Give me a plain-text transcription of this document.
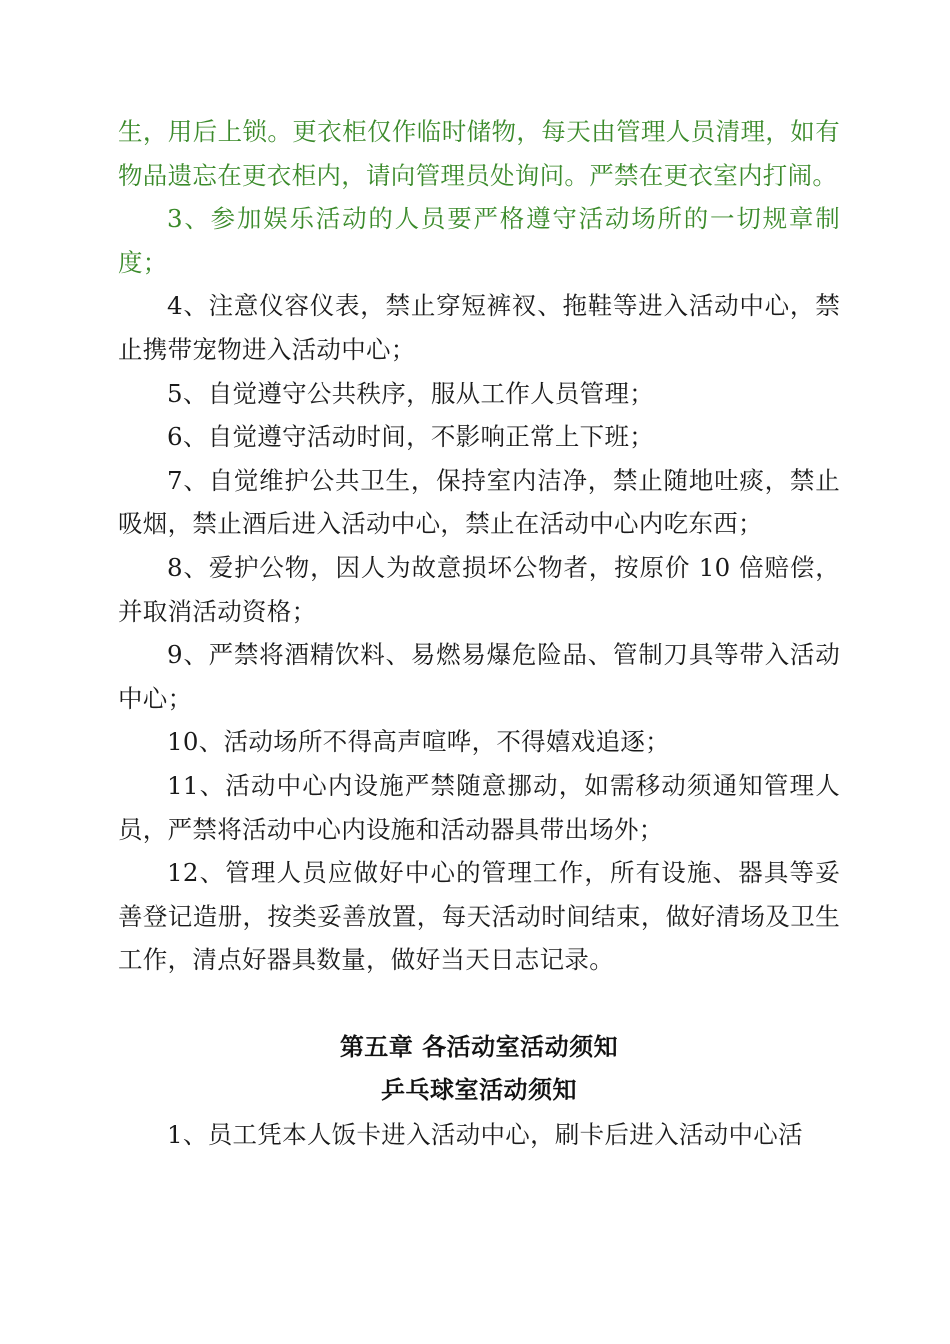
生，用后上锁。更衣柜仅作临时储物，每天由管理人员清理，如有物品遗忘在更衣柜内，请向管理员处询问。严禁在更衣室内打闹。

3、参加娱乐活动的人员要严格遵守活动场所的一切规章制度；

4、注意仪容仪表，禁止穿短裤衩、拖鞋等进入活动中心，禁止携带宠物进入活动中心；

5、自觉遵守公共秩序，服从工作人员管理；

6、自觉遵守活动时间，不影响正常上下班；

7、自觉维护公共卫生，保持室内洁净，禁止随地吐痰，禁止吸烟，禁止酒后进入活动中心，禁止在活动中心内吃东西；

8、爱护公物，因人为故意损坏公物者，按原价 10 倍赔偿，并取消活动资格；

9、严禁将酒精饮料、易燃易爆危险品、管制刀具等带入活动中心；

10、活动场所不得高声喧哗，不得嬉戏追逐；

11、活动中心内设施严禁随意挪动，如需移动须通知管理人员，严禁将活动中心内设施和活动器具带出场外；

12、管理人员应做好中心的管理工作，所有设施、器具等妥善登记造册，按类妥善放置，每天活动时间结束，做好清场及卫生工作，清点好器具数量，做好当天日志记录。

第五章 各活动室活动须知
乒乓球室活动须知

1、员工凭本人饭卡进入活动中心，刷卡后进入活动中心活
